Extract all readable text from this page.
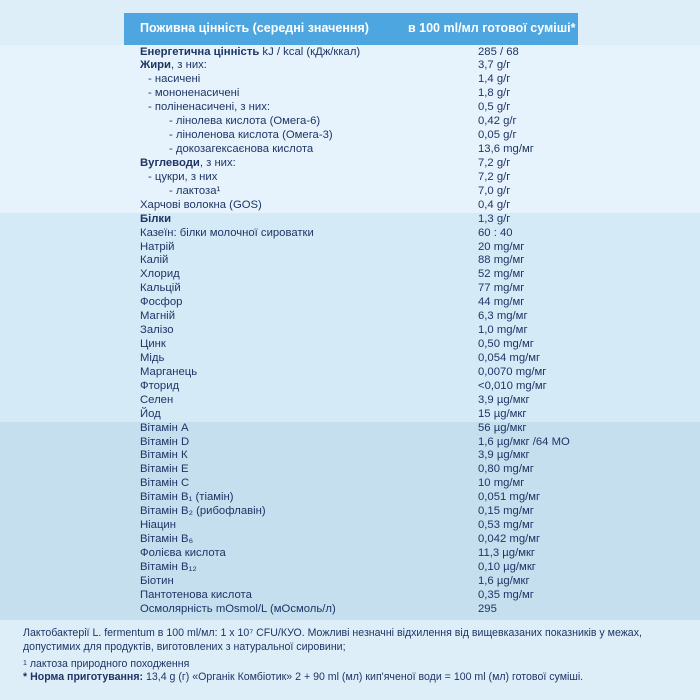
Поживна цінність (середні значення)	в 100 ml/мл готової суміші*
Енергетична цінність kJ / kcal (кДж/ккал)	285 / 68
Жири, з них:	3,7 g/г
- насичені	1,4 g/г
- мононенасичені	1,8 g/г
- поліненасичені, з них:	0,5 g/г
- лінолева кислота (Омега-6)	0,42 g/г
- ліноленова кислота (Омега-3)	0,05 g/г
- докозагексаєнова кислота	13,6 mg/мг
Вуглеводи, з них:	7,2 g/г
- цукри, з них	7,2 g/г
- лактоза¹	7,0 g/г
Харчові волокна (GOS)	0,4 g/г
Білки	1,3 g/г
Казеїн: білки молочної сироватки	60 : 40
Натрій	20 mg/мг
Калій	88 mg/мг
Хлорид	52 mg/мг
Кальцій	77 mg/мг
Фосфор	44 mg/мг
Магній	6,3 mg/мг
Залізо	1,0 mg/мг
Цинк	0,50 mg/мг
Мідь	0,054 mg/мг
Марганець	0,0070 mg/мг
Фторид	<0,010 mg/мг
Селен	3,9 µg/мкг
Йод	15 µg/мкг
Вітамін А	56 µg/мкг
Вітамін D	1,6 µg/мкг /64 МО
Вітамін К	3,9 µg/мкг
Вітамін Е	0,80 mg/мг
Вітамін С	10 mg/мг
Вітамін В₁ (тіамін)	0,051 mg/мг
Вітамін В₂ (рибофлавін)	0,15 mg/мг
Ніацин	0,53 mg/мг
Вітамін В₆	0,042 mg/мг
Фолієва кислота	11,3 µg/мкг
Вітамін В₁₂	0,10 µg/мкг
Біотин	1,6 µg/мкг
Пантотенова кислота	0,35 mg/мг
Осмолярність mOsmol/L (мОсмоль/л)	295
Лактобактерії L. fermentum в 100 ml/мл: 1 х 10⁷ CFU/КУО. Можливі незначні відхилення від вищевказаних показників у межах,
допустимих для продуктів, виготовлених з натуральної сировини;
$^1$ лактоза природного походження
* Норма приготування: 13,4 g (г) «Органік Комбіотик» 2 + 90 ml (мл) кип'яченої води = 100 ml (мл) готової суміші.
